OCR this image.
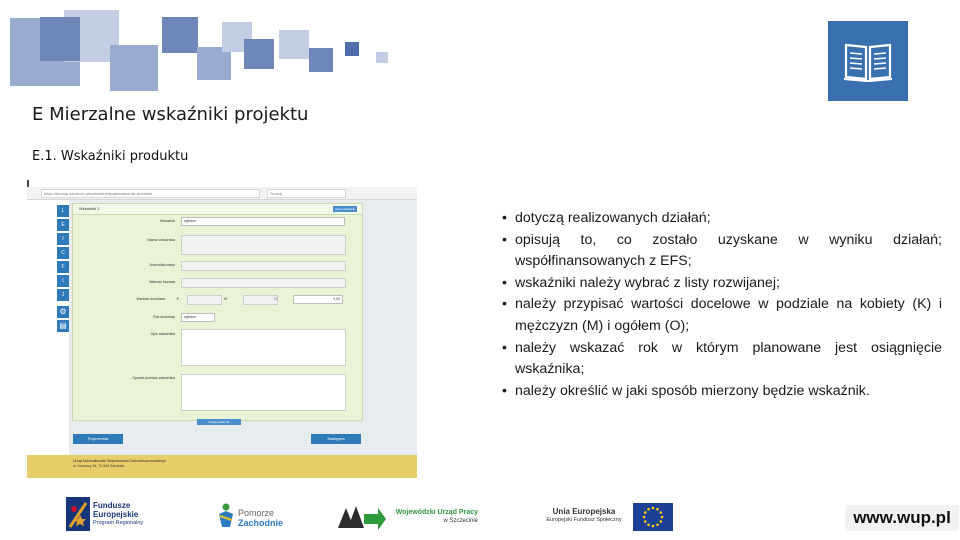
E Mierzalne wskaźniki projektu
E.1. Wskaźniki produktu
https://lsi.wup.szczecin.pl/wniosek/edycja/wskazniki-produktu	Szukaj
L
E
I
C
F
I
J
⚙
▤
Wskaźnik 1	Usuń wskaźnik
Wskaźnik	wybierz
Nazwa wskaźnika
Jednostka miary
Wartość bazowa
Wartość docelowa	K	M	O	0,00
Rok docelowy	wybierz
Opis wskaźnika
Sposób pomiaru wskaźnika
Dodaj wskaźnik
Poprzednia	Następna
Urząd Marszałkowski Województwa Zachodniopomorskiego
ul. Korsarzy 34, 70-540 Szczecin
• dotyczą realizowanych działań;
• opisują to, co zostało uzyskane w wyniku działań; współfinansowanych z EFS;
• wskaźniki należy wybrać z listy rozwijanej;
• należy przypisać wartości docelowe w podziale na kobiety (K) i mężczyzn (M) i ogółem (O);
• należy wskazać rok w którym planowane jest osiągnięcie wskaźnika;
• należy określić w jaki sposób mierzony będzie wskaźnik.
Fundusze
Europejskie
Program Regionalny
Pomorze
Zachodnie
Wojewódzki Urząd Pracy
w Szczecinie
Unia Europejska
Europejski Fundusz Społeczny	www.wup.pl
